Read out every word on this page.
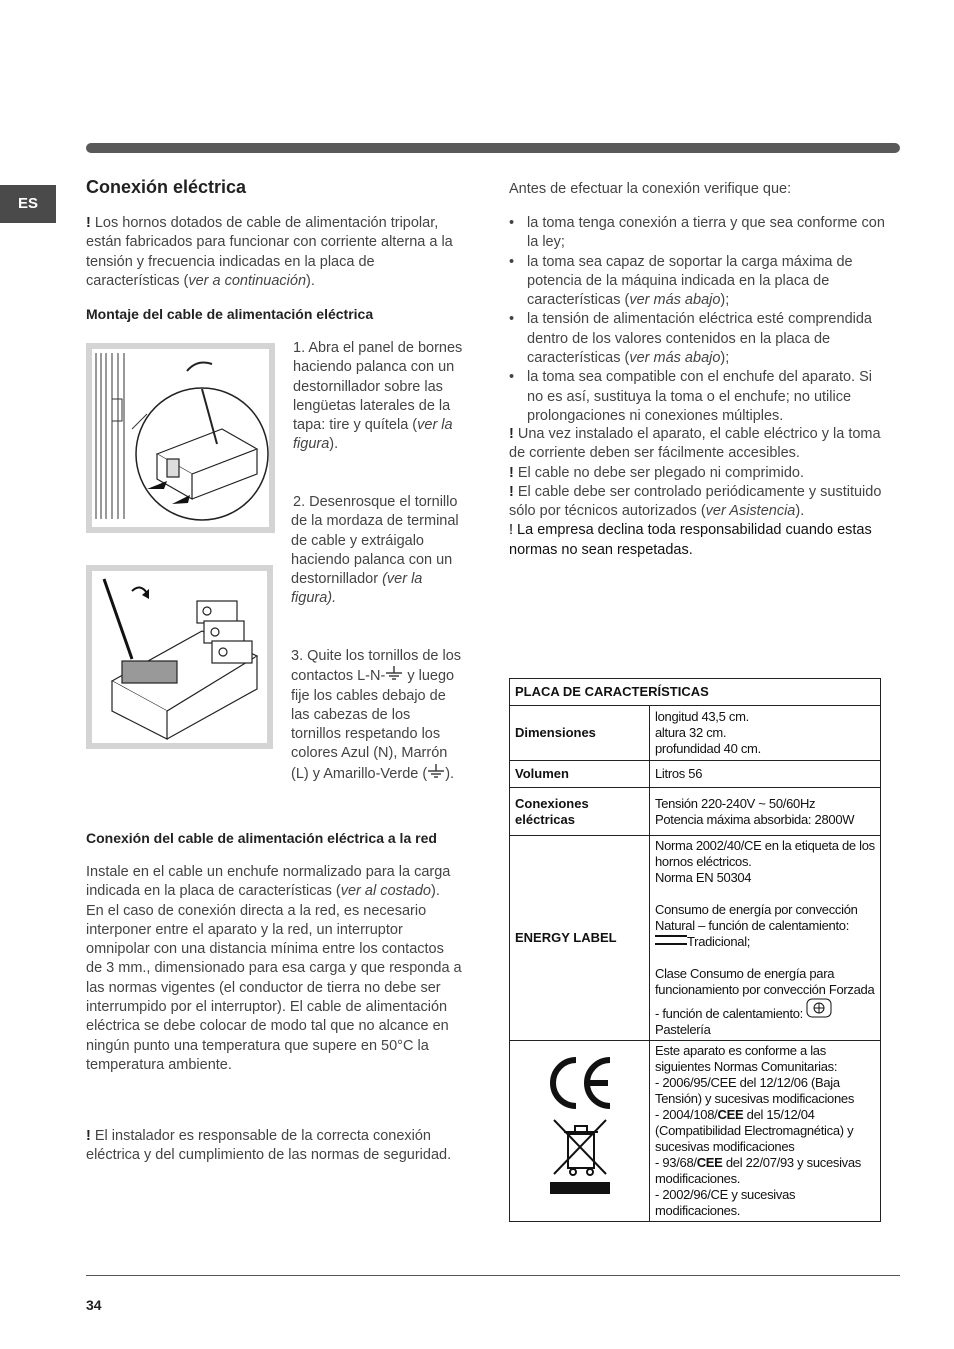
ES
Conexión eléctrica

! Los hornos dotados de cable de alimentación tripolar, están fabricados para funcionar con corriente alterna a la tensión y frecuencia indicadas en la placa de características (ver a continuación).

Montaje del cable de alimentación eléctrica
1. Abra el panel de bornes haciendo palanca con un destornillador sobre las lengüetas laterales de la tapa: tire y quítela (ver la figura).
2. Desenrosque el tornillo de la mordaza de terminal de cable y extráigalo haciendo palanca con un destornillador (ver la figura).
3. Quite los tornillos de los contactos L-N- y luego fije los cables debajo de las cabezas de los tornillos respetando los colores Azul (N), Marrón (L) y Amarillo-Verde ( ).
Conexión del cable de alimentación eléctrica a la red

Instale en el cable un enchufe normalizado para la carga indicada en la placa de características (ver al costado).
En el caso de conexión directa a la red, es necesario interponer entre el aparato y la red, un interruptor omnipolar con una distancia mínima entre los contactos de 3 mm., dimensionado para esa carga y que responda a las normas vigentes (el conductor de tierra no debe ser interrumpido por el interruptor). El cable de alimentación eléctrica se debe colocar de modo tal que no alcance en ningún punto una temperatura que supere en 50°C la temperatura ambiente.

! El instalador es responsable de la correcta conexión eléctrica y del cumplimiento de las normas de seguridad.

Antes de efectuar la conexión verifique que:

• la toma tenga conexión a tierra y que sea conforme con la ley;
• la toma sea capaz de soportar la carga máxima de potencia de la máquina indicada en la placa de características (ver más abajo);
• la tensión de alimentación eléctrica esté comprendida dentro de los valores contenidos en la placa de características (ver más abajo);
• la toma sea compatible con el enchufe del aparato. Si no es así, sustituya la toma o el enchufe; no utilice prolongaciones ni conexiones múltiples.

! Una vez instalado el aparato, el cable eléctrico y la toma de corriente deben ser fácilmente accesibles.
! El cable no debe ser plegado ni comprimido.
! El cable debe ser controlado periódicamente y sustituido sólo por técnicos autorizados (ver Asistencia).
! La empresa declina toda responsabilidad cuando estas normas no sean respetadas.

PLACA DE CARACTERÍSTICAS	
Dimensiones	longitud 43,5 cm.
altura 32 cm.
profundidad 40 cm.
Volumen	Litros 56
Conexiones eléctricas	Tensión 220-240V ~ 50/60Hz
Potencia máxima absorbida: 2800W
ENERGY LABEL	Norma 2002/40/CE en la etiqueta de los hornos eléctricos.
Norma EN 50304

Consumo de energía por convección Natural – función de calentamiento: Tradicional;

Clase Consumo de energía para funcionamiento por convección Forzada - función de calentamiento:  Pastelería
	Este aparato es conforme a las siguientes Normas Comunitarias:
- 2006/95/CEE del 12/12/06 (Baja Tensión) y sucesivas modificaciones
- 2004/108/CEE del 15/12/04 (Compatibilidad Electromagnética) y sucesivas modificaciones
- 93/68/CEE del 22/07/93 y sucesivas modificaciones.
- 2002/96/CE y sucesivas modificaciones.
34
